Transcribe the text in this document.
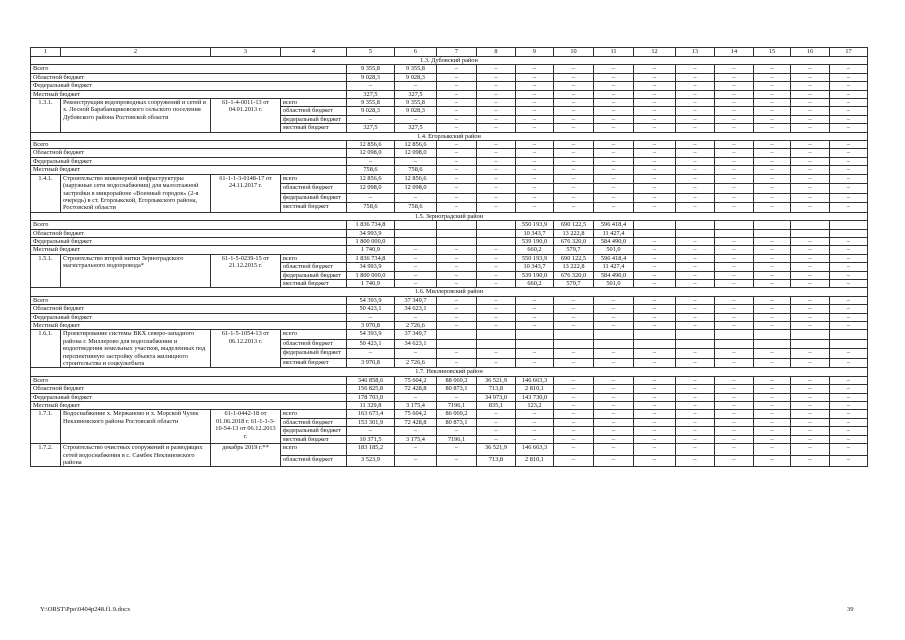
1	2	3	4	5	6	7	8	9	10	11	12	13	14	15	16	17
1.3. Дубовский район																
Всего				9 355,8	9 355,8	–	–	–	–	–	–	–	–	–	–	–
Областной бюджет				9 028,3	9 028,3	–	–	–	–	–	–	–	–	–	–	–
Федеральный бюджет				–	–	–	–	–	–	–	–	–	–	–	–	–
Местный бюджет				327,5	327,5	–	–	–	–	–	–	–	–	–	–	–
1.3.1.	Реконструкция водопроводных сооружений и сетей в х. Лесной Барабанщиковского сельского поселения Дубовского района Ростовской области	61-1-4-0011-13 от 04.01.2013 г.	всего	9 355,8	9 355,8	–	–	–	–	–	–	–	–	–	–	–
			областной бюджет	9 028,3	9 028,3	–	–	–	–	–	–	–	–	–	–	–
			федеральный бюджет	–	–	–	–	–	–	–	–	–	–	–	–	–
			местный бюджет	327,5	327,5	–	–	–	–	–	–	–	–	–	–	–
1.4. Егорлыкский район																
Всего				12 856,6	12 856,6	–	–	–	–	–	–	–	–	–	–	–
Областной бюджет				12 098,0	12 098,0	–	–	–	–	–	–	–	–	–	–	–
Федеральный бюджет				–	–	–	–	–	–	–	–	–	–	–	–	–
Местный бюджет				758,6	758,6	–	–	–	–	–	–	–	–	–	–	–
1.4.1.	Строительство инженерной инфраструктуры (наружные сети водоснабжения) для малоэтажной застройки в микрорайоне «Военный городок» (2-я очередь) в ст. Егорлыкской, Егорлыкского района, Ростовской области	61-1-1-3-0148-17 от 24.11.2017 г.	всего	12 856,6	12 856,6	–	–	–	–	–	–	–	–	–	–	–
			областной бюджет	12 098,0	12 098,0	–	–	–	–	–	–	–	–	–	–	–
			федеральный бюджет	–	–	–	–	–	–	–	–	–	–	–	–	–
			местный бюджет	758,6	758,6	–	–	–	–	–	–	–	–	–	–	–
1.5. Зерноградский район																
Всего				1 836 734,8				550 193,9	690 122,5	596 418,4						
Областной бюджет				34 993,9				10 343,7	13 222,8	11 427,4						
Федеральный бюджет				1 800 000,0				539 190,0	676 320,0	584 490,0	–	–	–	–	–	–
Местный бюджет				1 740,9	–	–	–	660,2	579,7	501,0	–	–	–	–	–	–
1.5.1.	Строительство второй нитки Зерноградского магистрального водопровода*	61-1-5-0239-15 от 21.12.2015 г.	всего	1 836 734,8	–	–	–	550 193,9	690 122,5	596 418,4	–	–	–	–	–	–
			областной бюджет	34 993,9	–	–	–	10 343,7	13 222,8	11 427,4	–	–	–	–	–	–
			федеральный бюджет	1 800 000,0	–	–	–	539 190,0	676 320,0	584 490,0	–	–	–	–	–	–
			местный бюджет	1 740,9	–	–	–	660,2	579,7	501,0	–	–	–	–	–	–
1.6. Миллеровский район																
Всего				54 393,9	37 349,7	–	–	–	–	–	–	–	–	–	–	–
Областной бюджет				50 423,1	34 623,1	–	–	–	–	–	–	–	–	–	–	–
Федеральный бюджет				–	–	–	–	–	–	–	–	–	–	–	–	–
Местный бюджет				3 970,8	2 726,6	–	–	–	–	–	–	–	–	–	–	–
1.6.1.	Проектирование системы ВКХ северо-западного района г. Миллерово для водоснабжения и водоотведения земельных участков, выделенных под перспективную застройку объекта жилищного строительства и соцкультбыта	61-1-5-1054-13 от 06.12.2013 г.	всего	54 393,9	37 349,7											
			областной бюджет	50 423,1	34 623,1											
			федеральный бюджет	–	–	–	–	–	–	–	–	–	–	–	–	–
			местный бюджет	3 970,8	2 726,6	–	–	–	–	–	–	–	–	–	–	–
1.7. Неклиновский район																
Всего				346 858,6	75 604,2	88 069,2	36 521,9	146 663,3	–	–	–	–	–	–	–	–
Областной бюджет				156 825,8	72 428,8	80 873,1	713,8	2 810,1	–	–	–	–	–	–	–	–
Федеральный бюджет				178 703,0	–	–	34 973,0	143 730,0	–	–	–	–	–	–	–	–
Местный бюджет				11 329,8	3 175,4	7196,1	835,1	123,2	–	–	–	–	–	–	–	–
1.7.1.	Водоснабжение х. Мержаново и х. Морской Чулек Неклиновского района Ростовской области	61-1-0442-18 от 01.06.2018 г. 61-1-1-3-10-54-13 от 06.12.2013 г.	всего	163 673,4	75 604,2	86 069,2	–	–	–	–	–	–	–	–	–	–
			областной бюджет	153 301,9	72 428,8	80 873,1	–	–	–	–	–	–	–	–	–	–
			федеральный бюджет	–	–	–	–	–	–	–	–	–	–	–	–	–
			местный бюджет	10 371,5	3 175,4	7196,1	–	–	–	–	–	–	–	–	–	–
1.7.2.	Строительство очистных сооружений и разводящих сетей водоснабжения в с. Самбек Неклиновского района	декабрь 2019 г.**	всего	183 185,2	–	–	36 521,9	146 663,3	–	–	–	–	–	–	–	–
			областной бюджет	3 523,9	–	–	713,8	2 810,1	–	–	–	–	–	–	–	–
Y:\ORST\Ppo\0404p248.f1.9.docx	39
